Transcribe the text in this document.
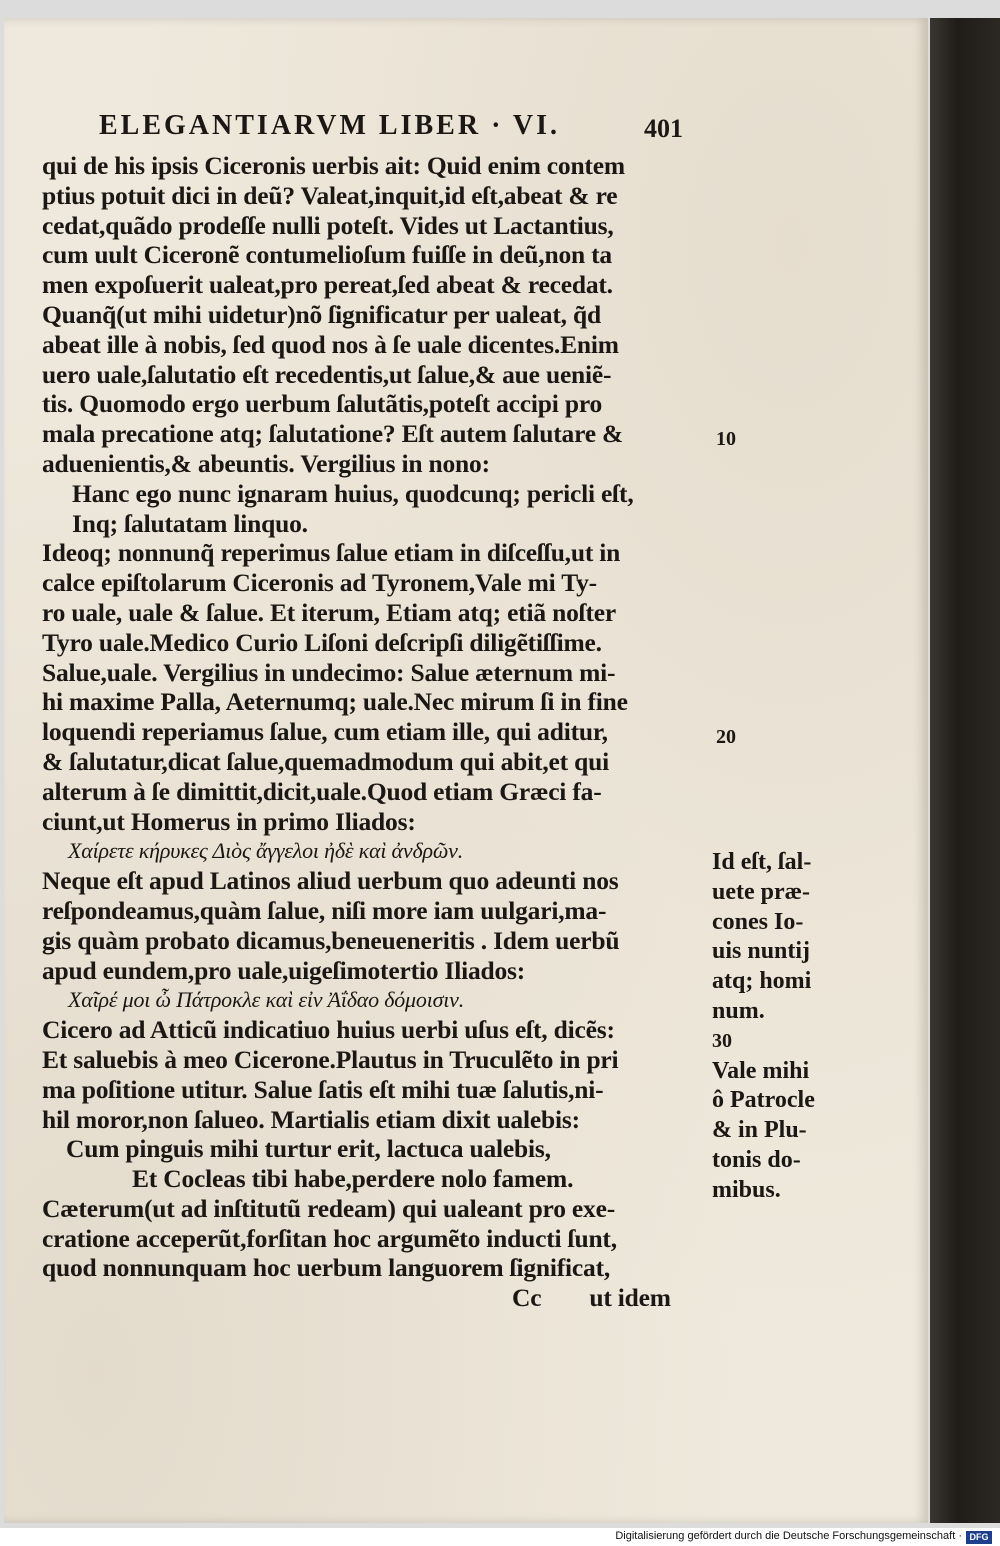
ELEGANTIARVM LIBER · VI.	401
qui de his ipsis Ciceronis uerbis ait: Quid enim contem
ptius potuit dici in deũ? Valeat,inquit,id eſt,abeat & re
cedat,quãdo prodeſſe nulli poteſt. Vides ut Lactantius,
cum uult Ciceronẽ contumelioſum fuiſſe in deũ,non ta
men expoſuerit ualeat,pro pereat,ſed abeat & recedat.
Quanq̃(ut mihi uidetur)nõ ſignificatur per ualeat, q̃d
abeat ille à nobis, ſed quod nos à ſe uale dicentes.Enim
uero uale,ſalutatio eſt recedentis,ut ſalue,& aue ueniẽ-
tis. Quomodo ergo uerbum ſalutãtis,poteſt accipi pro
mala precatione atq; ſalutatione? Eſt autem ſalutare &
aduenientis,& abeuntis. Vergilius in nono:
Hanc ego nunc ignaram huius, quodcunq; pericli eſt,
Inq; ſalutatam linquo.
Ideoq; nonnunq̃ reperimus ſalue etiam in diſceſſu,ut in
calce epiſtolarum Ciceronis ad Tyronem,Vale mi Ty-
ro uale, uale & ſalue. Et iterum, Etiam atq; etiã noſter
Tyro uale.Medico Curio Liſoni deſcripſi diligẽtiſſime.
Salue,uale. Vergilius in undecimo: Salue æternum mi-
hi maxime Palla, Aeternumq; uale.Nec mirum ſi in fine
loquendi reperiamus ſalue, cum etiam ille, qui aditur,
& ſalutatur,dicat ſalue,quemadmodum qui abit,et qui
alterum à ſe dimittit,dicit,uale.Quod etiam Græci fa-
ciunt,ut Homerus in primo Iliados:
Χαίρετε κήρυκες Διὸς ἄγγελοι ἠδὲ καὶ ἀνδρῶν.
Neque eſt apud Latinos aliud uerbum quo adeunti nos
reſpondeamus,quàm ſalue, niſi more iam uulgari,ma-
gis quàm probato dicamus,beneueneritis . Idem uerbũ
apud eundem,pro uale,uigeſimotertio Iliados:
Χαῖρέ μοι ὦ Πάτροκλε καὶ εἰν Ἀΐδαο δόμοισιν.
Cicero ad Atticũ indicatiuo huius uerbi uſus eſt, dicẽs:
Et saluebis à meo Cicerone.Plautus in Truculẽto in pri
ma poſitione utitur. Salue ſatis eſt mihi tuæ ſalutis,ni-
hil moror,non ſalueo. Martialis etiam dixit ualebis:
Cum pinguis mihi turtur erit, lactuca ualebis,
Et Cocleas tibi habe,perdere nolo famem.
Cæterum(ut ad inſtitutũ redeam) qui ualeant pro exe-
cratione acceperũt,forſitan hoc argumẽto inducti ſunt,
quod nonnunquam hoc uerbum languorem ſignificat,
Cc ut idem
10
20
Id eſt, ſal-
uete præ-
cones Io-
uis nuntij
atq; homi
num.
30
Vale mihi
ô Patrocle
& in Plu-
tonis do-
mibus.
Digitalisierung gefördert durch die Deutsche Forschungsgemeinschaft · DFG
